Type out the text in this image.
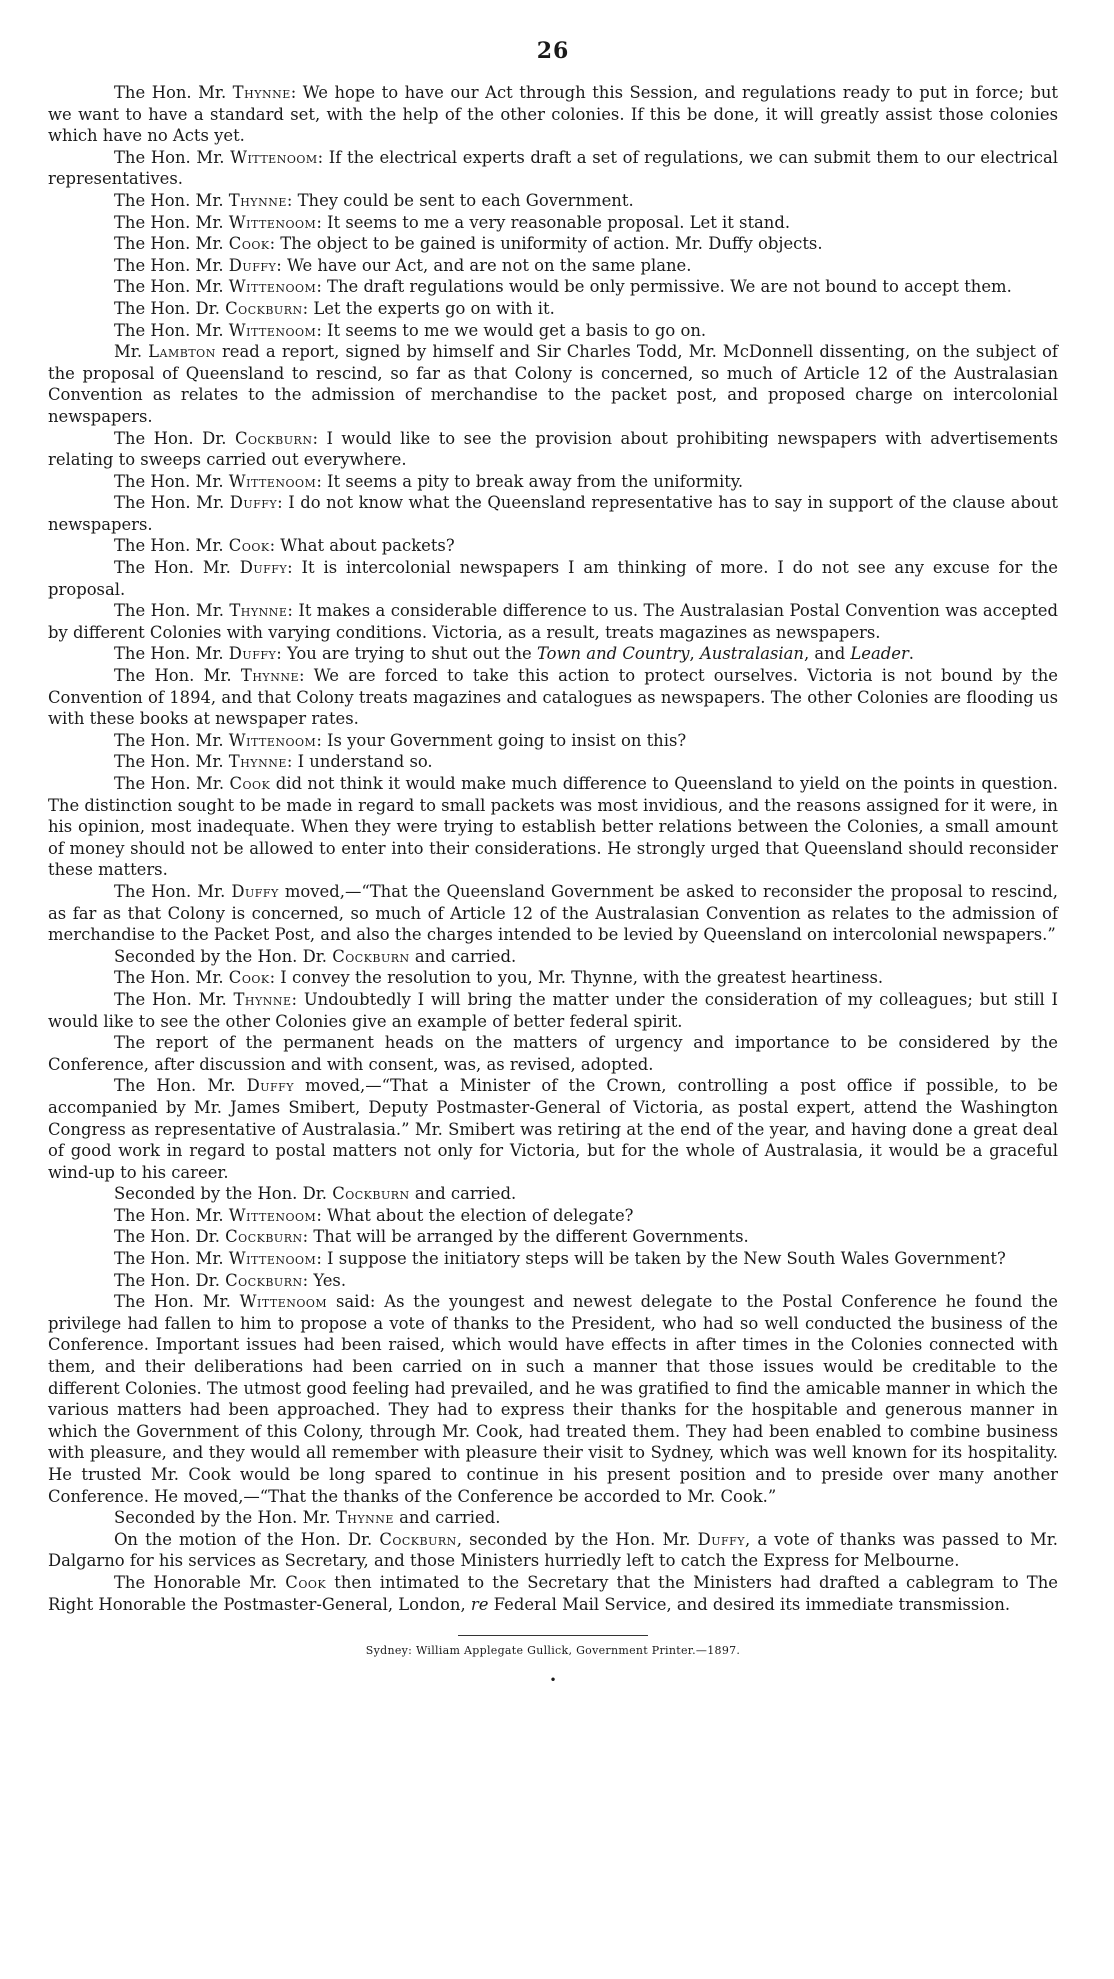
26

The Hon. Mr. Thynne: We hope to have our Act through this Session, and regulations ready to put in force; but we want to have a standard set, with the help of the other colonies. If this be done, it will greatly assist those colonies which have no Acts yet.

The Hon. Mr. Wittenoom: If the electrical experts draft a set of regulations, we can submit them to our electrical representatives.

The Hon. Mr. Thynne: They could be sent to each Government.

The Hon. Mr. Wittenoom: It seems to me a very reasonable proposal. Let it stand.

The Hon. Mr. Cook: The object to be gained is uniformity of action. Mr. Duffy objects.

The Hon. Mr. Duffy: We have our Act, and are not on the same plane.

The Hon. Mr. Wittenoom: The draft regulations would be only permissive. We are not bound to accept them.

The Hon. Dr. Cockburn: Let the experts go on with it.

The Hon. Mr. Wittenoom: It seems to me we would get a basis to go on.

Mr. Lambton read a report, signed by himself and Sir Charles Todd, Mr. McDonnell dissenting, on the subject of the proposal of Queensland to rescind, so far as that Colony is concerned, so much of Article 12 of the Australasian Convention as relates to the admission of merchandise to the packet post, and proposed charge on intercolonial newspapers.

The Hon. Dr. Cockburn: I would like to see the provision about prohibiting newspapers with advertisements relating to sweeps carried out everywhere.

The Hon. Mr. Wittenoom: It seems a pity to break away from the uniformity.

The Hon. Mr. Duffy: I do not know what the Queensland representative has to say in support of the clause about newspapers.

The Hon. Mr. Cook: What about packets?

The Hon. Mr. Duffy: It is intercolonial newspapers I am thinking of more. I do not see any excuse for the proposal.

The Hon. Mr. Thynne: It makes a considerable difference to us. The Australasian Postal Convention was accepted by different Colonies with varying conditions. Victoria, as a result, treats magazines as newspapers.

The Hon. Mr. Duffy: You are trying to shut out the Town and Country, Australasian, and Leader.

The Hon. Mr. Thynne: We are forced to take this action to protect ourselves. Victoria is not bound by the Convention of 1894, and that Colony treats magazines and catalogues as newspapers. The other Colonies are flooding us with these books at newspaper rates.

The Hon. Mr. Wittenoom: Is your Government going to insist on this?

The Hon. Mr. Thynne: I understand so.

The Hon. Mr. Cook did not think it would make much difference to Queensland to yield on the points in question. The distinction sought to be made in regard to small packets was most invidious, and the reasons assigned for it were, in his opinion, most inadequate. When they were trying to establish better relations between the Colonies, a small amount of money should not be allowed to enter into their considerations. He strongly urged that Queensland should reconsider these matters.

The Hon. Mr. Duffy moved,—“That the Queensland Government be asked to reconsider the proposal to rescind, as far as that Colony is concerned, so much of Article 12 of the Australasian Convention as relates to the admission of merchandise to the Packet Post, and also the charges intended to be levied by Queensland on intercolonial newspapers.”

Seconded by the Hon. Dr. Cockburn and carried.

The Hon. Mr. Cook: I convey the resolution to you, Mr. Thynne, with the greatest heartiness.

The Hon. Mr. Thynne: Undoubtedly I will bring the matter under the consideration of my colleagues; but still I would like to see the other Colonies give an example of better federal spirit.

The report of the permanent heads on the matters of urgency and importance to be considered by the Conference, after discussion and with consent, was, as revised, adopted.

The Hon. Mr. Duffy moved,—“That a Minister of the Crown, controlling a post office if possible, to be accompanied by Mr. James Smibert, Deputy Postmaster-General of Victoria, as postal expert, attend the Washington Congress as representative of Australasia.” Mr. Smibert was retiring at the end of the year, and having done a great deal of good work in regard to postal matters not only for Victoria, but for the whole of Australasia, it would be a graceful wind-up to his career.

Seconded by the Hon. Dr. Cockburn and carried.

The Hon. Mr. Wittenoom: What about the election of delegate?

The Hon. Dr. Cockburn: That will be arranged by the different Governments.

The Hon. Mr. Wittenoom: I suppose the initiatory steps will be taken by the New South Wales Government?

The Hon. Dr. Cockburn: Yes.

The Hon. Mr. Wittenoom said: As the youngest and newest delegate to the Postal Conference he found the privilege had fallen to him to propose a vote of thanks to the President, who had so well conducted the business of the Conference. Important issues had been raised, which would have effects in after times in the Colonies connected with them, and their deliberations had been carried on in such a manner that those issues would be creditable to the different Colonies. The utmost good feeling had prevailed, and he was gratified to find the amicable manner in which the various matters had been approached. They had to express their thanks for the hospitable and generous manner in which the Government of this Colony, through Mr. Cook, had treated them. They had been enabled to combine business with pleasure, and they would all remember with pleasure their visit to Sydney, which was well known for its hospitality. He trusted Mr. Cook would be long spared to continue in his present position and to preside over many another Conference. He moved,—“That the thanks of the Conference be accorded to Mr. Cook.”

Seconded by the Hon. Mr. Thynne and carried.

On the motion of the Hon. Dr. Cockburn, seconded by the Hon. Mr. Duffy, a vote of thanks was passed to Mr. Dalgarno for his services as Secretary, and those Ministers hurriedly left to catch the Express for Melbourne.

The Honorable Mr. Cook then intimated to the Secretary that the Ministers had drafted a cablegram to The Right Honorable the Postmaster-General, London, re Federal Mail Service, and desired its immediate transmission.

Sydney: William Applegate Gullick, Government Printer.—1897.
•
